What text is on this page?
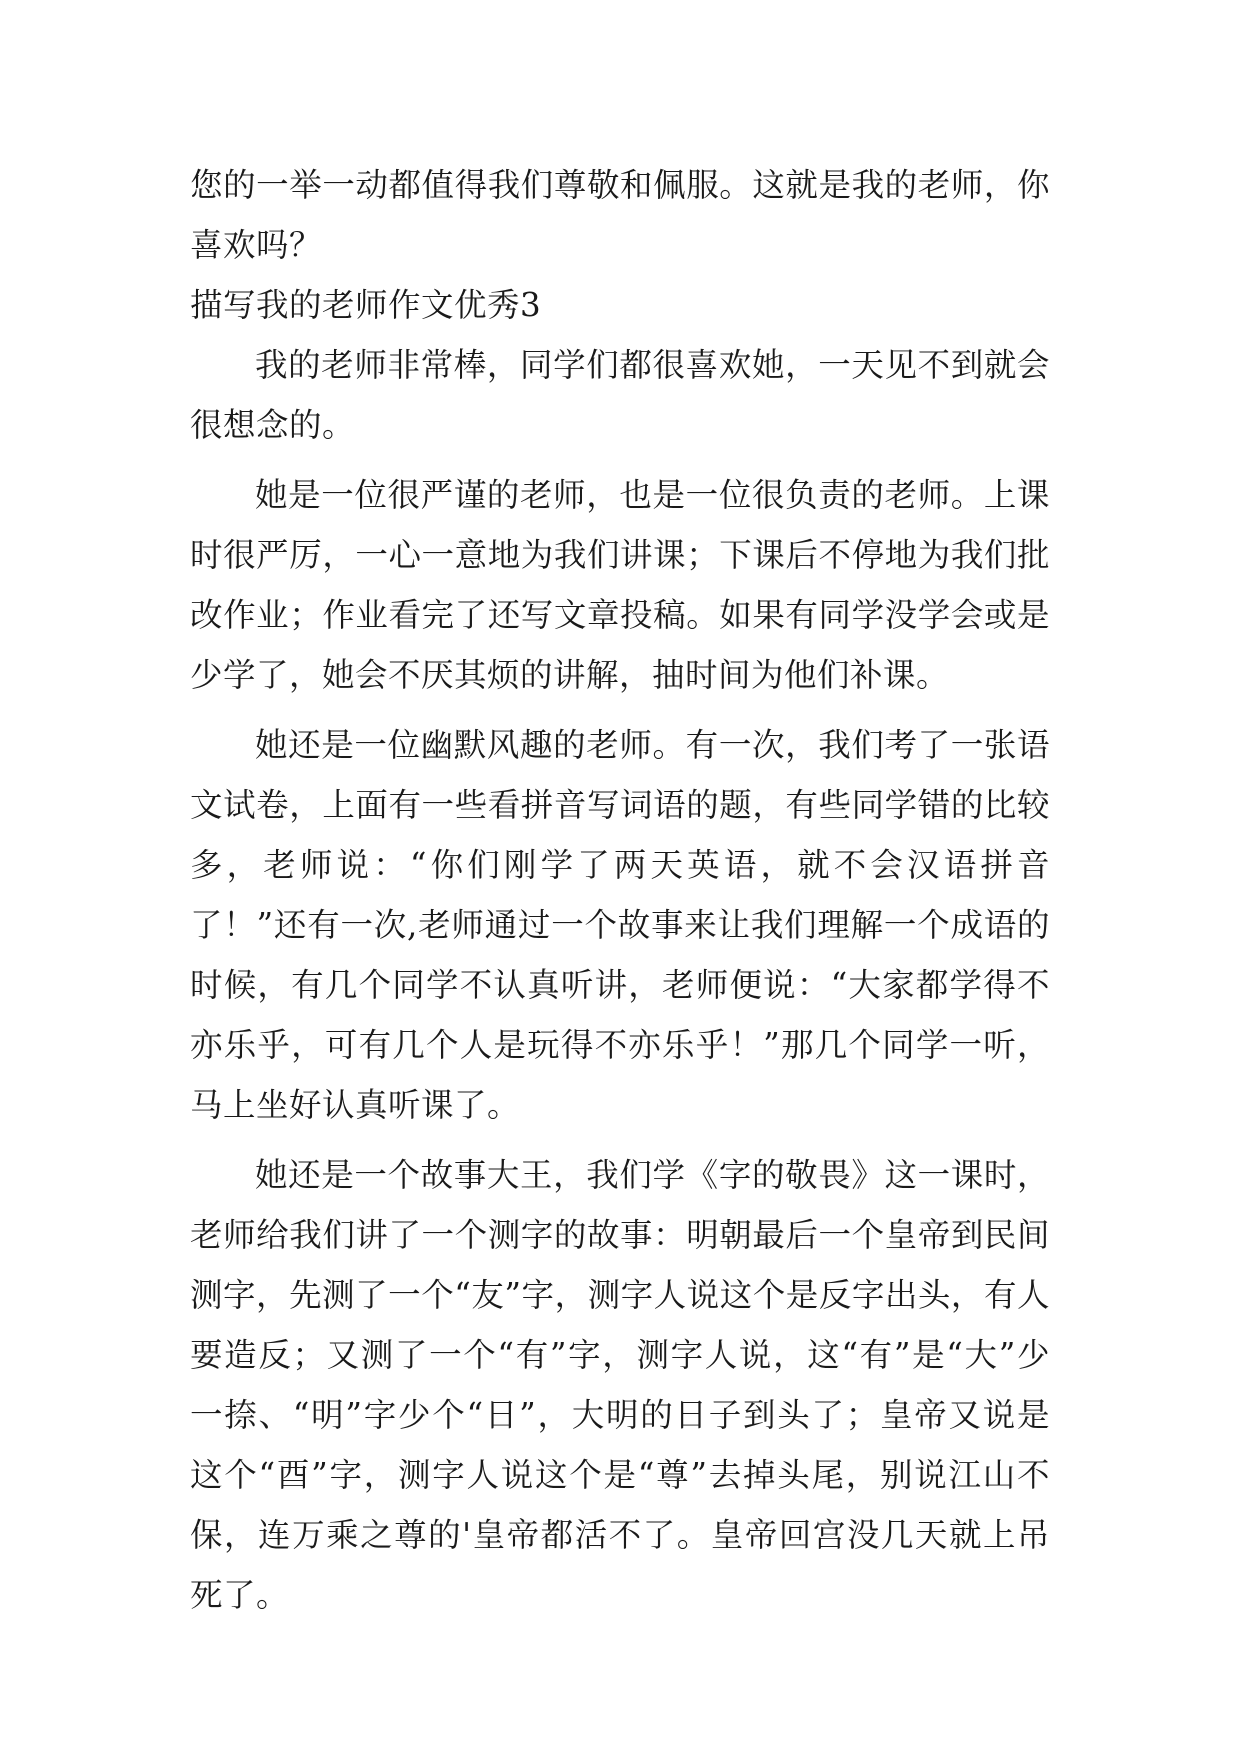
您的一举一动都值得我们尊敬和佩服。这就是我的老师，你喜欢吗？

描写我的老师作文优秀3

我的老师非常棒，同学们都很喜欢她，一天见不到就会很想念的。

她是一位很严谨的老师，也是一位很负责的老师。上课时很严厉，一心一意地为我们讲课；下课后不停地为我们批改作业；作业看完了还写文章投稿。如果有同学没学会或是少学了，她会不厌其烦的讲解，抽时间为他们补课。

她还是一位幽默风趣的老师。有一次，我们考了一张语文试卷，上面有一些看拼音写词语的题，有些同学错的比较多，老师说：“你们刚学了两天英语，就不会汉语拼音了！”还有一次,老师通过一个故事来让我们理解一个成语的时候，有几个同学不认真听讲，老师便说：“大家都学得不亦乐乎，可有几个人是玩得不亦乐乎！”那几个同学一听，马上坐好认真听课了。

她还是一个故事大王，我们学《字的敬畏》这一课时，老师给我们讲了一个测字的故事：明朝最后一个皇帝到民间测字，先测了一个“友”字，测字人说这个是反字出头，有人要造反；又测了一个“有”字，测字人说，这“有”是“大”少一捺、“明”字少个“日”，大明的日子到头了；皇帝又说是这个“酉”字，测字人说这个是“尊”去掉头尾，别说江山不保，连万乘之尊的'皇帝都活不了。皇帝回宫没几天就上吊死了。
